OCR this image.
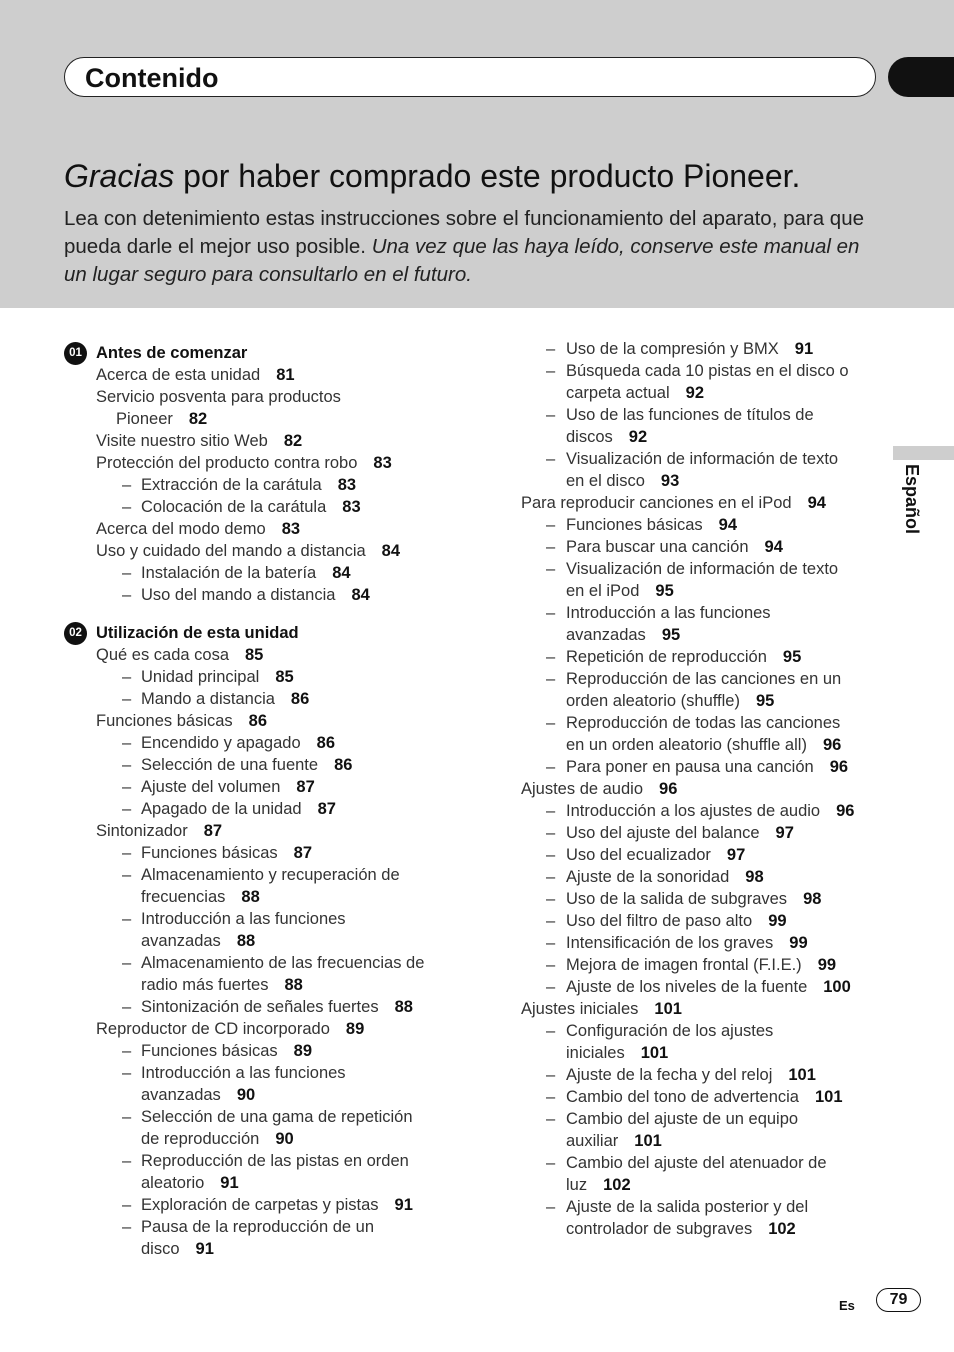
Contenido
Gracias por haber comprado este producto Pioneer.
Lea con detenimiento estas instrucciones sobre el funcionamiento del aparato, para que pueda darle el mejor uso posible. Una vez que las haya leído, conserve este manual en un lugar seguro para consultarlo en el futuro.
01 Antes de comenzar
Acerca de esta unidad 81
Servicio posventa para productos
Pioneer 82
Visite nuestro sitio Web 82
Protección del producto contra robo 83
– Extracción de la carátula 83
– Colocación de la carátula 83
Acerca del modo demo 83
Uso y cuidado del mando a distancia 84
– Instalación de la batería 84
– Uso del mando a distancia 84
02 Utilización de esta unidad
Qué es cada cosa 85
– Unidad principal 85
– Mando a distancia 86
Funciones básicas 86
– Encendido y apagado 86
– Selección de una fuente 86
– Ajuste del volumen 87
– Apagado de la unidad 87
Sintonizador 87
– Funciones básicas 87
– Almacenamiento y recuperación de
frecuencias 88
– Introducción a las funciones
avanzadas 88
– Almacenamiento de las frecuencias de
radio más fuertes 88
– Sintonización de señales fuertes 88
Reproductor de CD incorporado 89
– Funciones básicas 89
– Introducción a las funciones
avanzadas 90
– Selección de una gama de repetición
de reproducción 90
– Reproducción de las pistas en orden
aleatorio 91
– Exploración de carpetas y pistas 91
– Pausa de la reproducción de un
disco 91
– Uso de la compresión y BMX 91
– Búsqueda cada 10 pistas en el disco o
carpeta actual 92
– Uso de las funciones de títulos de
discos 92
– Visualización de información de texto
en el disco 93
Para reproducir canciones en el iPod 94
– Funciones básicas 94
– Para buscar una canción 94
– Visualización de información de texto
en el iPod 95
– Introducción a las funciones
avanzadas 95
– Repetición de reproducción 95
– Reproducción de las canciones en un
orden aleatorio (shuffle) 95
– Reproducción de todas las canciones
en un orden aleatorio (shuffle all) 96
– Para poner en pausa una canción 96
Ajustes de audio 96
– Introducción a los ajustes de audio 96
– Uso del ajuste del balance 97
– Uso del ecualizador 97
– Ajuste de la sonoridad 98
– Uso de la salida de subgraves 98
– Uso del filtro de paso alto 99
– Intensificación de los graves 99
– Mejora de imagen frontal (F.I.E.) 99
– Ajuste de los niveles de la fuente 100
Ajustes iniciales 101
– Configuración de los ajustes
iniciales 101
– Ajuste de la fecha y del reloj 101
– Cambio del tono de advertencia 101
– Cambio del ajuste de un equipo
auxiliar 101
– Cambio del ajuste del atenuador de
luz 102
– Ajuste de la salida posterior y del
controlador de subgraves 102
Español
Es	79
